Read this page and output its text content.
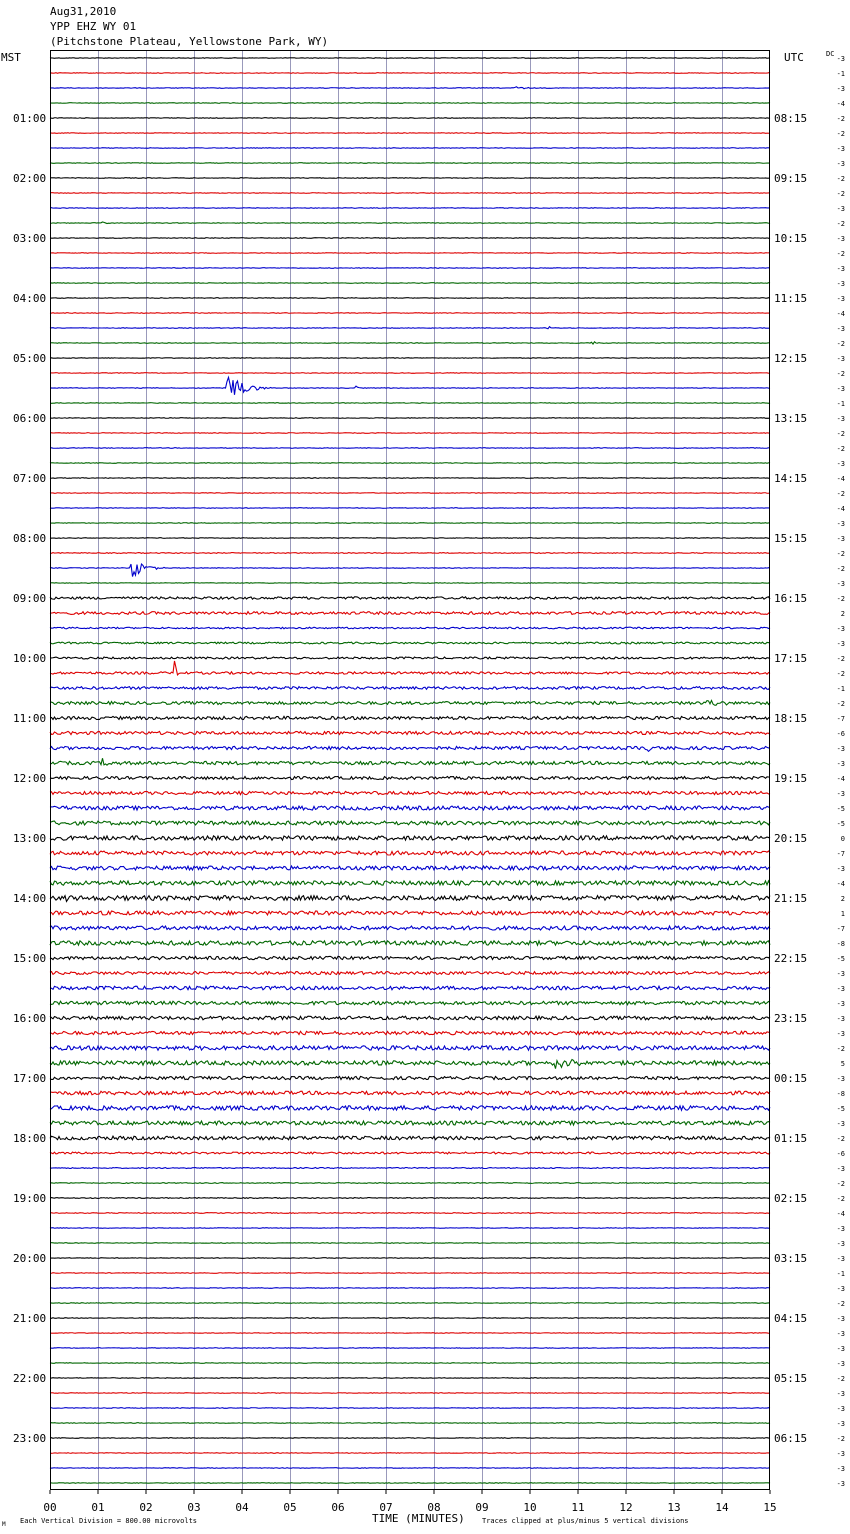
Aug31,2010
YPP EHZ WY 01
(Pitchstone Plateau, Yellowstone Park, WY)
MST	UTC	DC
01:00
02:00
03:00
04:00
05:00
06:00
07:00
08:00
09:00
10:00
11:00
12:00
13:00
14:00
15:00
16:00
17:00
18:00
19:00
20:00
21:00
22:00
23:00
08:15
09:15
10:15
11:15
12:15
13:15
14:15
15:15
16:15
17:15
18:15
19:15
20:15
21:15
22:15
23:15
00:15
01:15
02:15
03:15
04:15
05:15
06:15
-3
-1
-3
-4
-2
-2
-3
-3
-2
-2
-3
-2
-3
-2
-3
-3
-3
-4
-3
-2
-3
-2
-3
-1
-3
-2
-2
-3
-4
-2
-4
-3
-3
-2
-2
-3
-2
2
-3
-3
-2
-2
-1
-2
-7
-6
-3
-3
-4
-3
-5
-5
0
-7
-3
-4
2
1
-7
-8
-5
-3
-3
-3
-3
-3
-2
5
-3
-8
-5
-3
-2
-6
-3
-2
-2
-4
-3
-3
-3
-1
-3
-2
-3
-3
-3
-3
-2
-3
-3
-3
-2
-3
-3
-3
00	01	02	03	04	05	06	07	08	09	10	11	12	13	14	15
TIME (MINUTES)
Each Vertical Division = 800.00 microvolts	Traces clipped at plus/minus 5 vertical divisions
M
